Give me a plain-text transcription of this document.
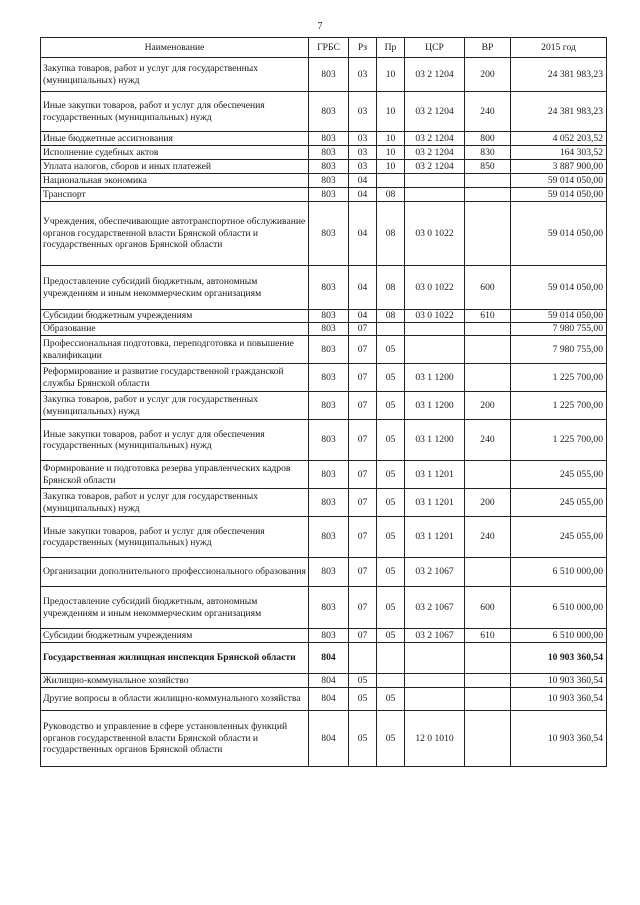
7
Наименование	ГРБС	Рз	Пр	ЦСР	ВР	2015 год
Закупка товаров, работ и услуг для государственных (муниципальных) нужд	803	03	10	03 2 1204	200	24 381 983,23
Иные закупки товаров, работ и услуг для обеспечения государственных (муниципальных) нужд	803	03	10	03 2 1204	240	24 381 983,23
Иные бюджетные ассигнования	803	03	10	03 2 1204	800	4 052 203,52
Исполнение судебных актов	803	03	10	03 2 1204	830	164 303,52
Уплата налогов, сборов и иных платежей	803	03	10	03 2 1204	850	3 887 900,00
Национальная экономика	803	04				59 014 050,00
Транспорт	803	04	08			59 014 050,00
Учреждения, обеспечивающие автотранспортное обслуживание органов государственной власти Брянской области и государственных органов Брянской области	803	04	08	03 0 1022		59 014 050,00
Предоставление субсидий бюджетным, автономным учреждениям и иным некоммерческим организациям	803	04	08	03 0 1022	600	59 014 050,00
Субсидии бюджетным учреждениям	803	04	08	03 0 1022	610	59 014 050,00
Образование	803	07				7 980 755,00
Профессиональная подготовка, переподготовка и повышение квалификации	803	07	05			7 980 755,00
Реформирование и развитие государственной гражданской службы Брянской области	803	07	05	03 1 1200		1 225 700,00
Закупка товаров, работ и услуг для государственных (муниципальных) нужд	803	07	05	03 1 1200	200	1 225 700,00
Иные закупки товаров, работ и услуг для обеспечения государственных (муниципальных) нужд	803	07	05	03 1 1200	240	1 225 700,00
Формирование и подготовка резерва управленческих кадров Брянской области	803	07	05	03 1 1201		245 055,00
Закупка товаров, работ и услуг для государственных (муниципальных) нужд	803	07	05	03 1 1201	200	245 055,00
Иные закупки товаров, работ и услуг для обеспечения государственных (муниципальных) нужд	803	07	05	03 1 1201	240	245 055,00
Организации дополнительного профессионального образования	803	07	05	03 2 1067		6 510 000,00
Предоставление субсидий бюджетным, автономным учреждениям и иным некоммерческим организациям	803	07	05	03 2 1067	600	6 510 000,00
Субсидии бюджетным учреждениям	803	07	05	03 2 1067	610	6 510 000,00
Государственная жилищная инспекция Брянской области	804					10 903 360,54
Жилищно-коммунальное хозяйство	804	05				10 903 360,54
Другие вопросы в области жилищно-коммунального хозяйства	804	05	05			10 903 360,54
Руководство и управление в сфере установленных функций органов государственной власти Брянской области и государственных органов Брянской области	804	05	05	12 0 1010		10 903 360,54
